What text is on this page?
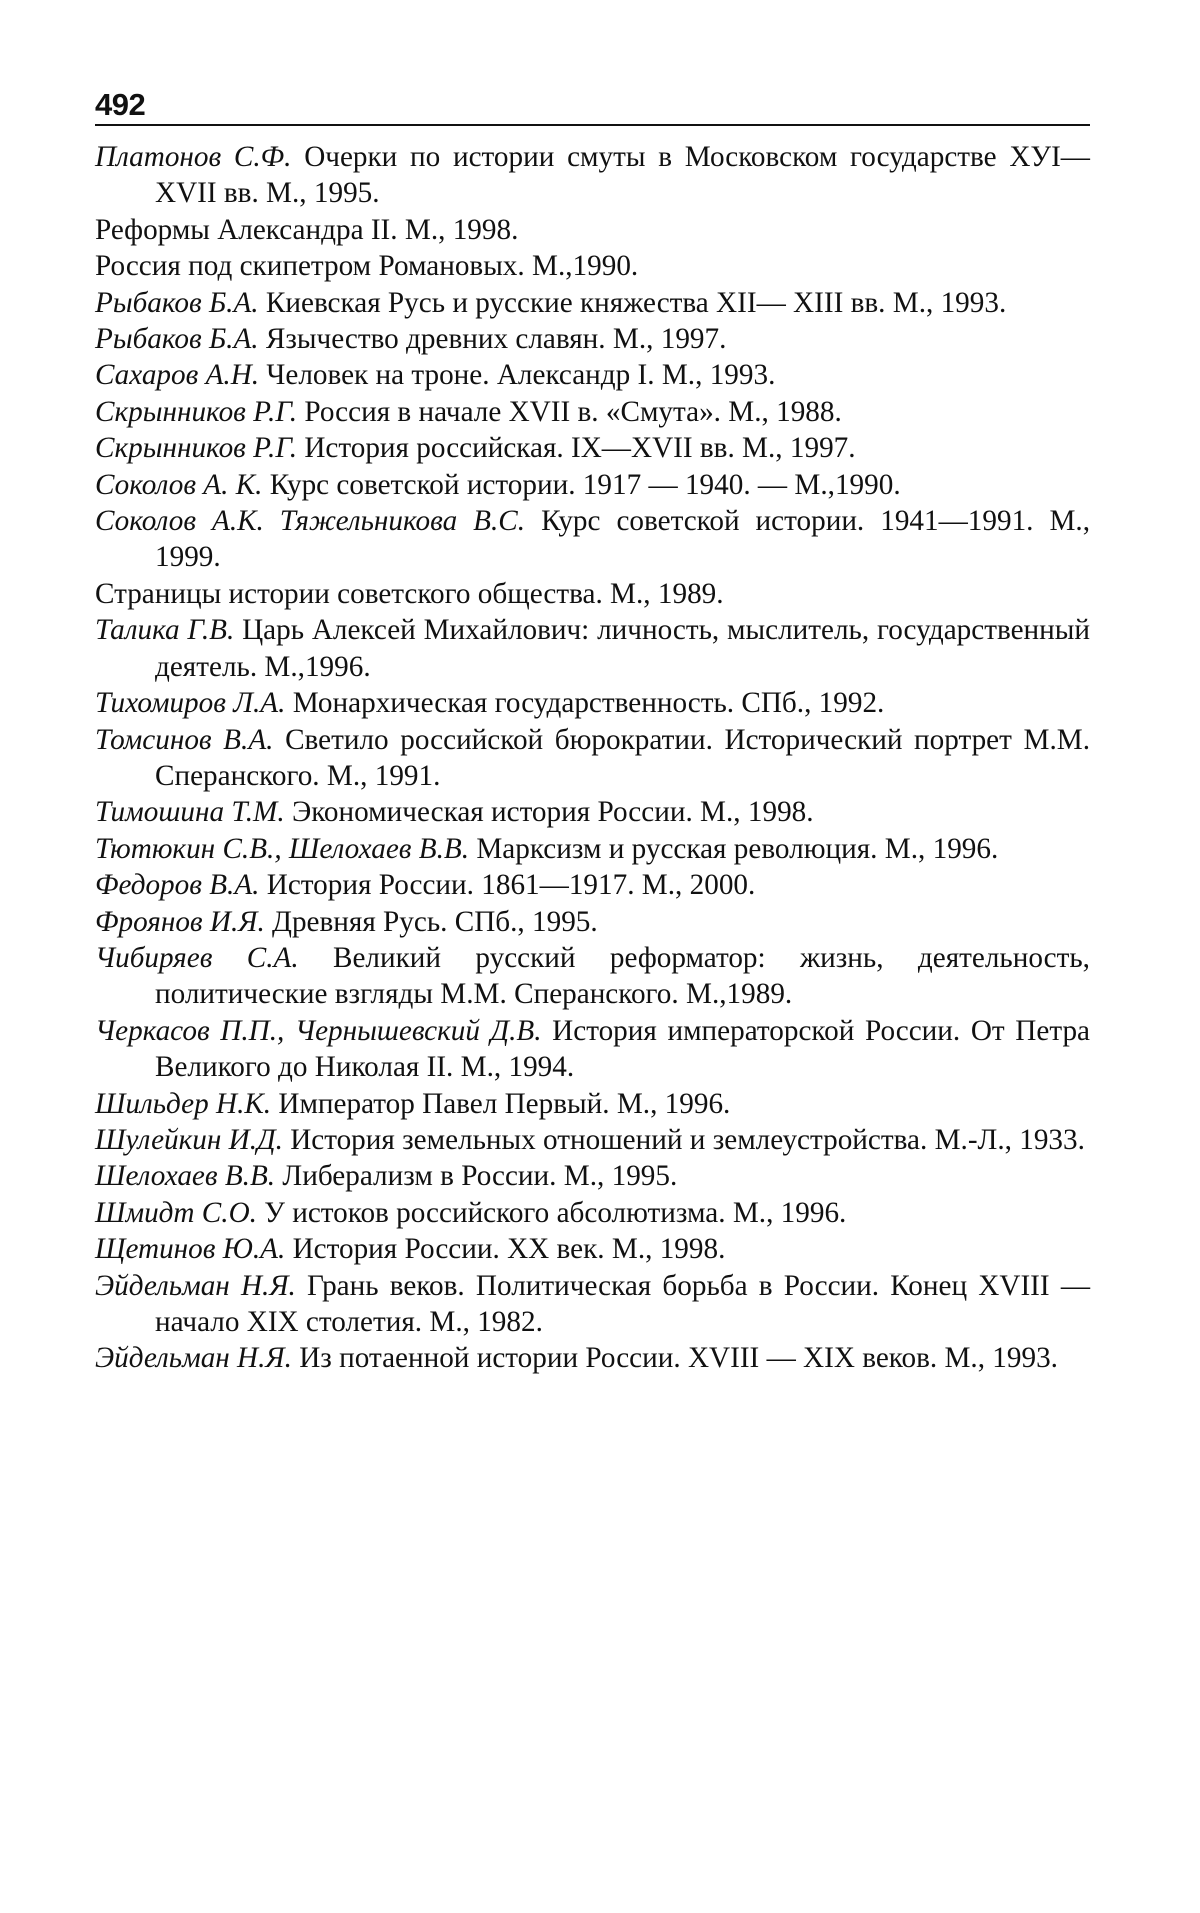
492
Платонов С.Ф. Очерки по истории смуты в Московском государстве ХУI— XVII вв. М., 1995.
Реформы Александра II. М., 1998.
Россия под скипетром Романовых. М.,1990.
Рыбаков Б.А. Киевская Русь и русские княжества XII— XIII вв. М., 1993.
Рыбаков Б.А. Язычество древних славян. М., 1997.
Сахаров А.Н. Человек на троне. Александр I. М., 1993.
Скрынников Р.Г. Россия в начале XVII в. «Смута». М., 1988.
Скрынников Р.Г. История российская. IX—XVII вв. М., 1997.
Соколов А. К. Курс советской истории. 1917 — 1940. — М.,1990.
Соколов А.К. Тяжельникова В.С. Курс советской истории. 1941—1991. М., 1999.
Страницы истории советского общества. М., 1989.
Талика Г.В. Царь Алексей Михайлович: личность, мыслитель, государственный деятель. М.,1996.
Тихомиров Л.А. Монархическая государственность. СПб., 1992.
Томсинов В.А. Светило российской бюрократии. Исторический портрет М.М. Сперанского. М., 1991.
Тимошина Т.М. Экономическая история России. М., 1998.
Тютюкин С.В., Шелохаев В.В. Марксизм и русская революция. М., 1996.
Федоров В.А. История России. 1861—1917. М., 2000.
Фроянов И.Я. Древняя Русь. СПб., 1995.
Чибиряев С.А. Великий русский реформатор: жизнь, деятельность, политические взгляды М.М. Сперанского. М.,1989.
Черкасов П.П., Чернышевский Д.В. История императорской России. От Петра Великого до Николая II. М., 1994.
Шильдер Н.К. Император Павел Первый. М., 1996.
Шулейкин И.Д. История земельных отношений и землеустройства. М.-Л., 1933.
Шелохаев В.В. Либерализм в России. М., 1995.
Шмидт С.О. У истоков российского абсолютизма. М., 1996.
Щетинов Ю.А. История России. XX век. М., 1998.
Эйдельман Н.Я. Грань веков. Политическая борьба в России. Конец XVIII — начало XIX столетия. М., 1982.
Эйдельман Н.Я. Из потаенной истории России. XVIII — XIX веков. М., 1993.
